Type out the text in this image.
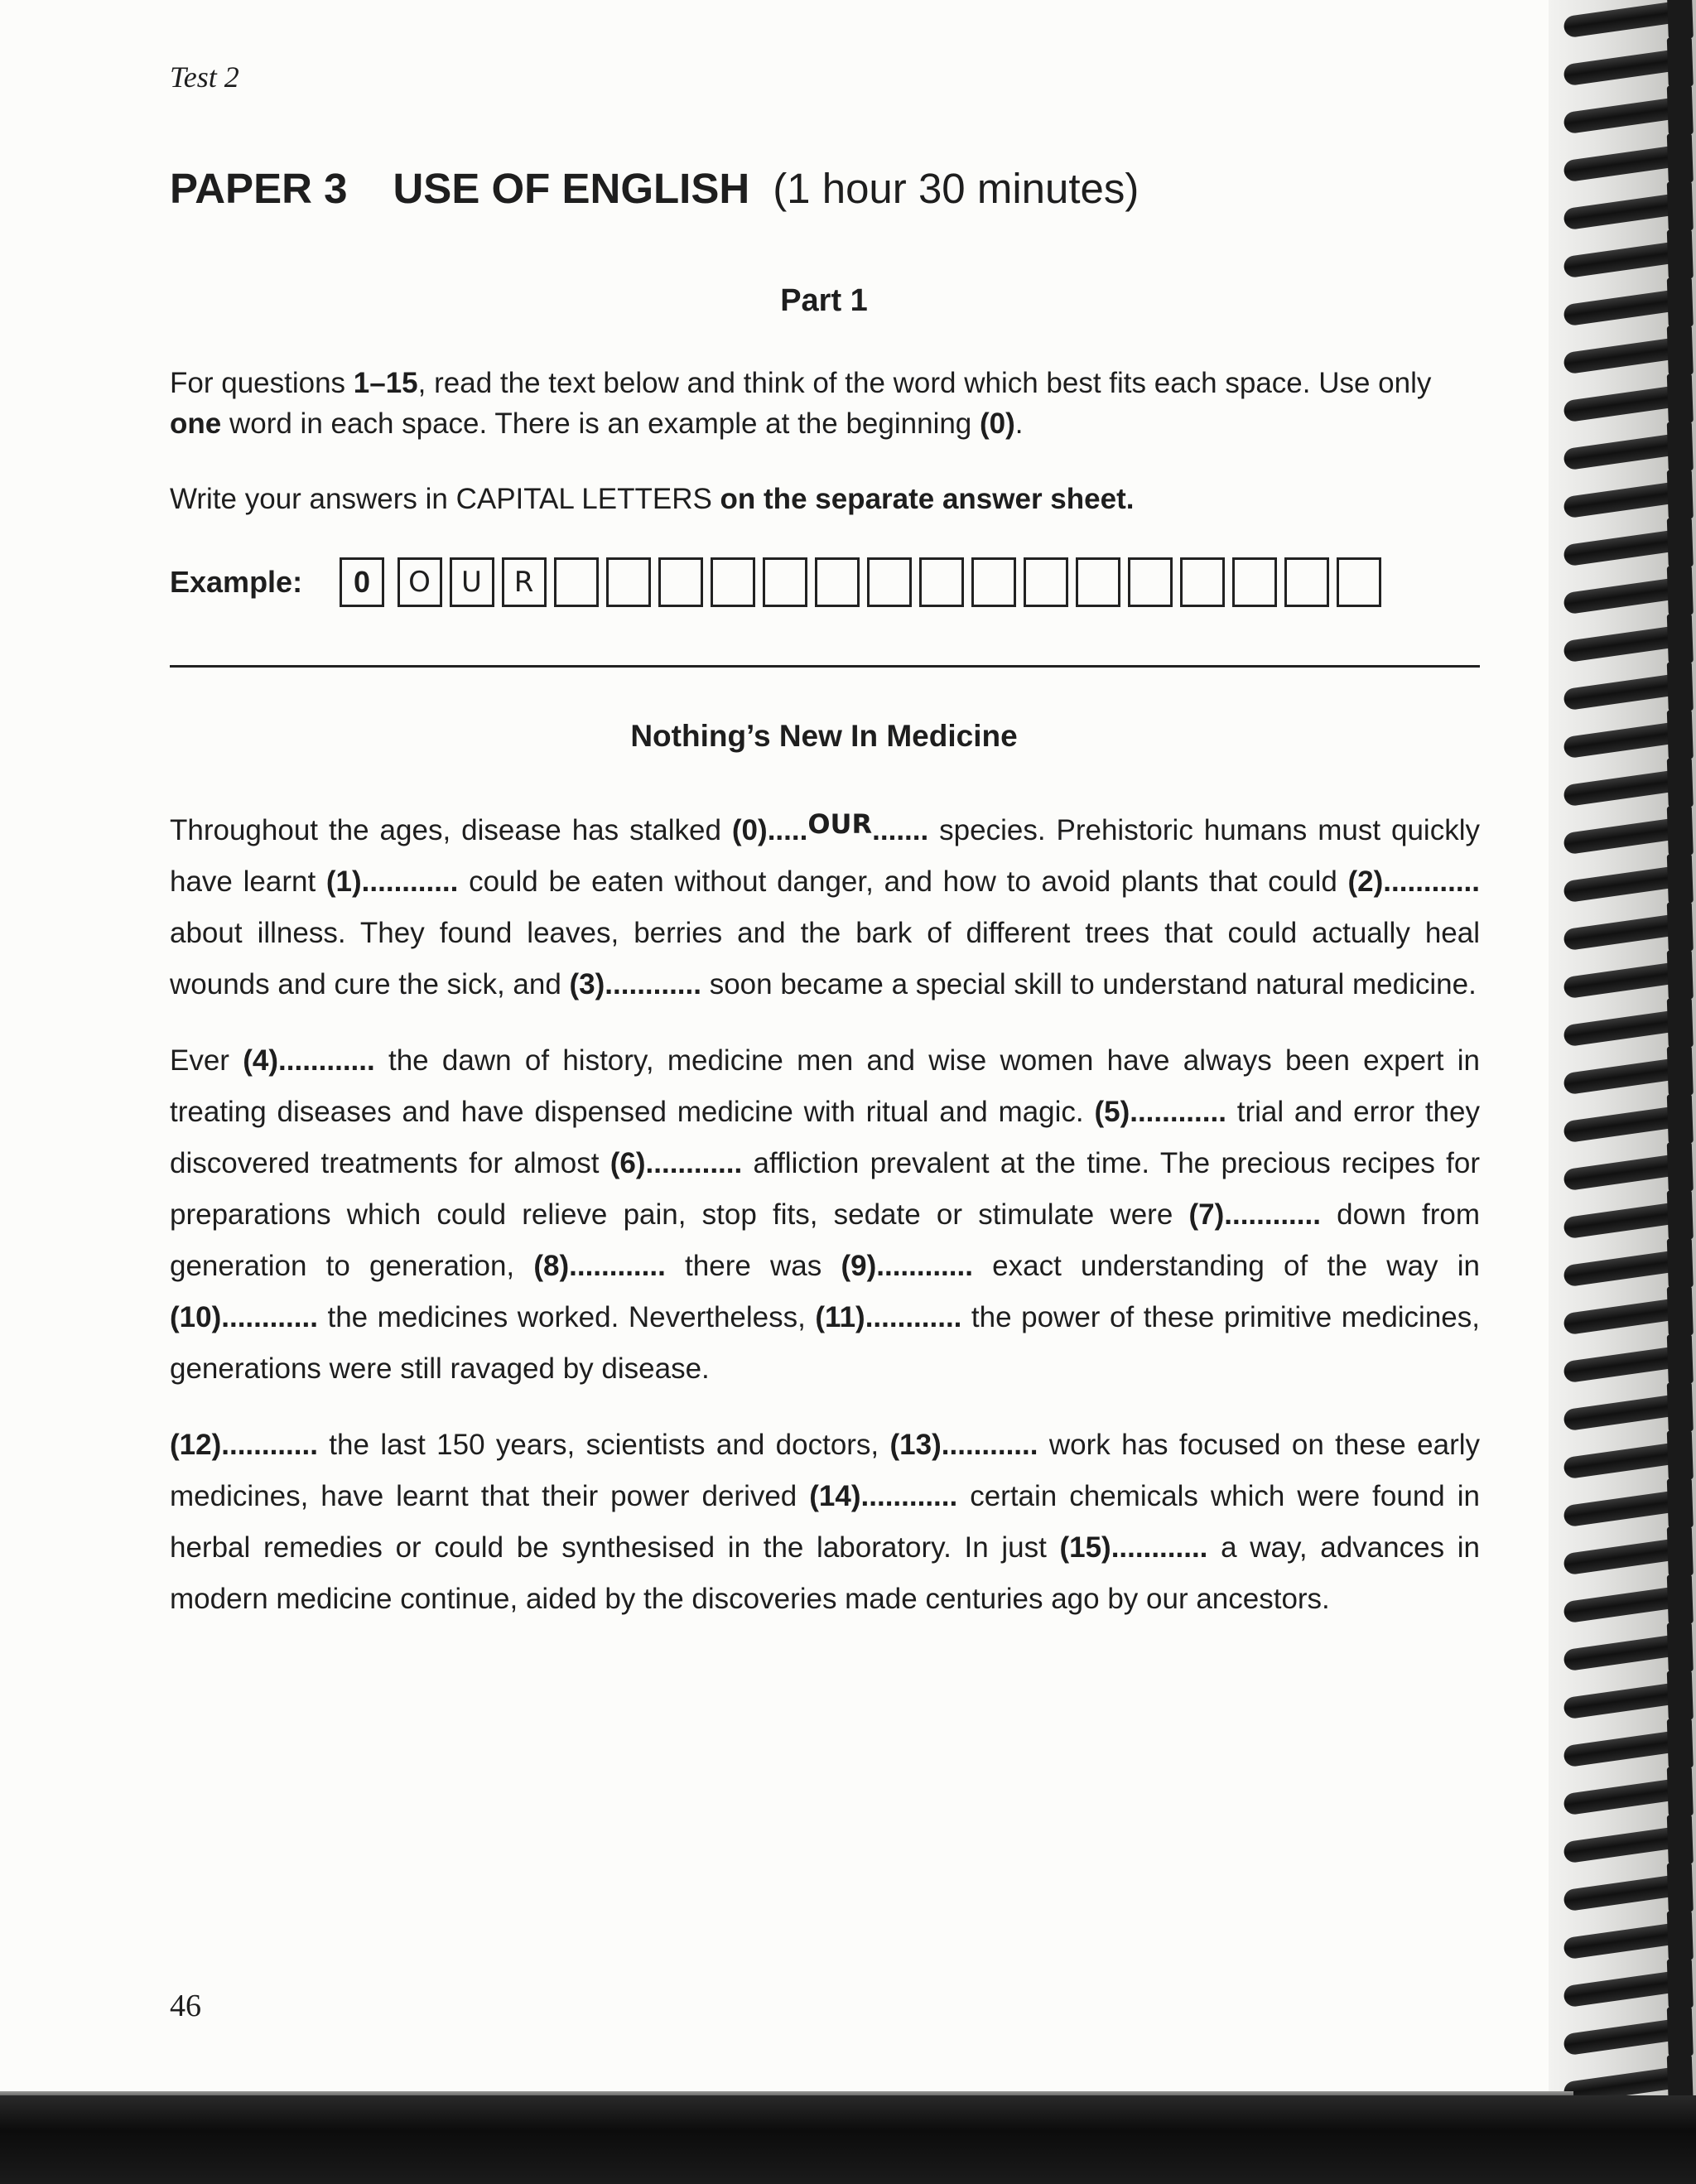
Test 2
PAPER 3 USE OF ENGLISH (1 hour 30 minutes)
Part 1

For questions 1–15, read the text below and think of the word which best fits each space. Use only one word in each space. There is an example at the beginning (0).

Write your answers in CAPITAL LETTERS on the separate answer sheet.

Example:	0	O	U	R
Nothing’s New In Medicine

Throughout the ages, disease has stalked (0).....OUR....... species. Prehistoric humans must quickly have learnt (1)............ could be eaten without danger, and how to avoid plants that could (2)............ about illness. They found leaves, berries and the bark of different trees that could actually heal wounds and cure the sick, and (3)............ soon became a special skill to understand natural medicine.

Ever (4)............ the dawn of history, medicine men and wise women have always been expert in treating diseases and have dispensed medicine with ritual and magic. (5)............ trial and error they discovered treatments for almost (6)............ affliction prevalent at the time. The precious recipes for preparations which could relieve pain, stop fits, sedate or stimulate were (7)............ down from generation to generation, (8)............ there was (9)............ exact understanding of the way in (10)............ the medicines worked. Nevertheless, (11)............ the power of these primitive medicines, generations were still ravaged by disease.

(12)............ the last 150 years, scientists and doctors, (13)............ work has focused on these early medicines, have learnt that their power derived (14)............ certain chemicals which were found in herbal remedies or could be synthesised in the laboratory. In just (15)............ a way, advances in modern medicine continue, aided by the discoveries made centuries ago by our ancestors.

46
